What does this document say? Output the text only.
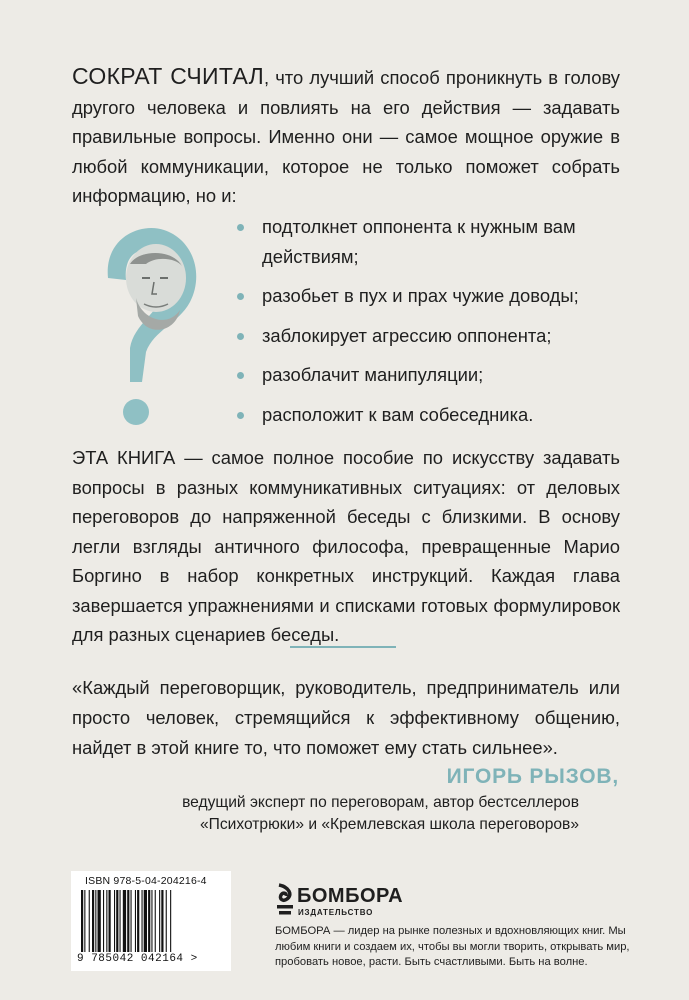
СОКРАТ СЧИТАЛ, что лучший способ проникнуть в голову другого человека и повлиять на его действия — задавать правильные вопросы. Именно они — самое мощное оружие в любой коммуникации, которое не только поможет собрать информацию, но и:

подтолкнет оппонента к нужным вам действиям;
разобьет в пух и прах чужие доводы;
заблокирует агрессию оппонента;
разоблачит манипуляции;
расположит к вам собеседника.

ЭТА КНИГА — самое полное пособие по искусству задавать вопросы в разных коммуникативных ситуациях: от деловых переговоров до напряженной беседы с близкими. В основу легли взгляды античного философа, превращенные Марио Боргино в набор конкретных инструкций. Каждая глава завершается упражнениями и списками готовых формулировок для разных сценариев беседы.

«Каждый переговорщик, руководитель, предприниматель или просто человек, стремящийся к эффективному общению, найдет в этой книге то, что поможет ему стать сильнее».

ИГОРЬ РЫЗОВ,

ведущий эксперт по переговорам, автор бестселлеров «Психотрюки» и «Кремлевская школа переговоров»

ISBN 978-5-04-204216-4

9 785042 042164 >

БОМБОРА

ИЗДАТЕЛЬСТВО

БОМБОРА — лидер на рынке полезных и вдохновляющих книг. Мы любим книги и создаем их, чтобы вы могли творить, открывать мир, пробовать новое, расти. Быть счастливыми. Быть на волне.
